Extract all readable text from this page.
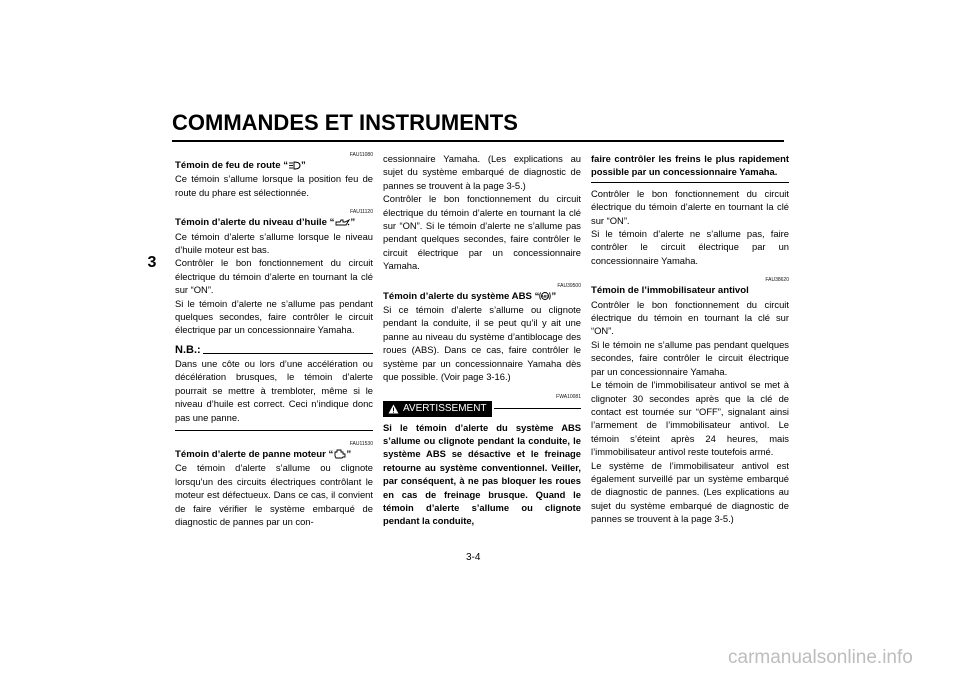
COMMANDES ET INSTRUMENTS
3
FAU11080
Témoin de feu de route “ ”

Ce témoin s’allume lorsque la position feu de route du phare est sélectionnée.

FAU11120
Témoin d’alerte du niveau d’huile “ ”

Ce témoin d’alerte s’allume lorsque le niveau d’huile moteur est bas.

Contrôler le bon fonctionnement du circuit électrique du témoin d’alerte en tournant la clé sur “ON”.

Si le témoin d’alerte ne s’allume pas pendant quelques secondes, faire contrôler le circuit électrique par un concessionnaire Yamaha.

N.B.:

Dans une côte ou lors d’une accélération ou décélération brusques, le témoin d’alerte pourrait se mettre à trembloter, même si le niveau d’huile est correct. Ceci n’indique donc pas une panne.

FAU11530
Témoin d’alerte de panne moteur “ ”

Ce témoin d’alerte s’allume ou clignote lorsqu’un des circuits électriques contrôlant le moteur est défectueux. Dans ce cas, il convient de faire vérifier le système embarqué de diagnostic de pannes par un con-

cessionnaire Yamaha. (Les explications au sujet du système embarqué de diagnostic de pannes se trouvent à la page 3-5.)

Contrôler le bon fonctionnement du circuit électrique du témoin d’alerte en tournant la clé sur “ON”. Si le témoin d’alerte ne s’allume pas pendant quelques secondes, faire contrôler le circuit électrique par un concessionnaire Yamaha.

FAU39500
Témoin d’alerte du système ABS “ ABS ”

Si ce témoin d’alerte s’allume ou clignote pendant la conduite, il se peut qu’il y ait une panne au niveau du système d’antiblocage des roues (ABS). Dans ce cas, faire contrôler le système par un concessionnaire Yamaha dès que possible. (Voir page 3-16.)

FWA10081
AVERTISSEMENT

Si le témoin d’alerte du système ABS s’allume ou clignote pendant la conduite, le système ABS se désactive et le freinage retourne au système conventionnel. Veiller, par conséquent, à ne pas bloquer les roues en cas de freinage brusque. Quand le témoin d’alerte s’allume ou clignote pendant la conduite,

faire contrôler les freins le plus rapidement possible par un concessionnaire Yamaha.

Contrôler le bon fonctionnement du circuit électrique du témoin d’alerte en tournant la clé sur “ON”.

Si le témoin d’alerte ne s’allume pas, faire contrôler le circuit électrique par un concessionnaire Yamaha.

FAU38620
Témoin de l’immobilisateur antivol

Contrôler le bon fonctionnement du circuit électrique du témoin en tournant la clé sur “ON”.

Si le témoin ne s’allume pas pendant quelques secondes, faire contrôler le circuit électrique par un concessionnaire Yamaha.

Le témoin de l’immobilisateur antivol se met à clignoter 30 secondes après que la clé de contact est tournée sur “OFF”, signalant ainsi l’armement de l’immobilisateur antivol. Le témoin s’éteint après 24 heures, mais l’immobilisateur antivol reste toutefois armé.

Le système de l’immobilisateur antivol est également surveillé par un système embarqué de diagnostic de pannes. (Les explications au sujet du système embarqué de diagnostic de pannes se trouvent à la page 3-5.)

3-4
carmanualsonline.info
